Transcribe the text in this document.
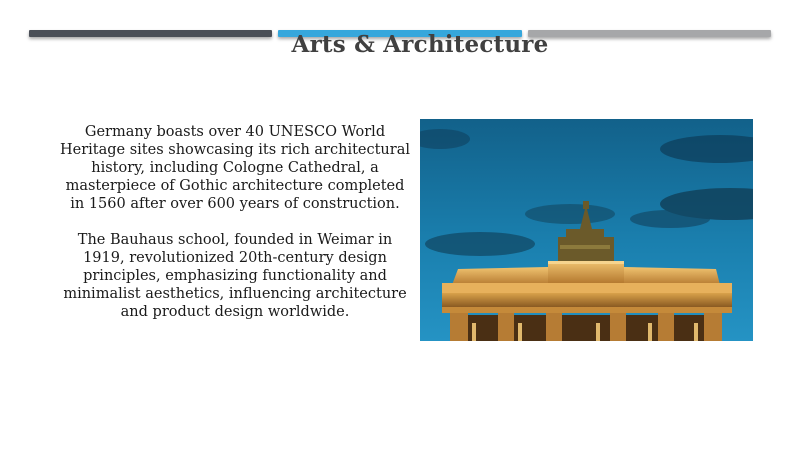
Arts & Architecture

Germany boasts over 40 UNESCO World Heritage sites showcasing its rich architectural history, including Cologne Cathedral, a masterpiece of Gothic architecture completed in 1560 after over 600 years of construction.

The Bauhaus school, founded in Weimar in 1919, revolutionized 20th-century design principles, emphasizing functionality and minimalist aesthetics, influencing architecture and product design worldwide.
